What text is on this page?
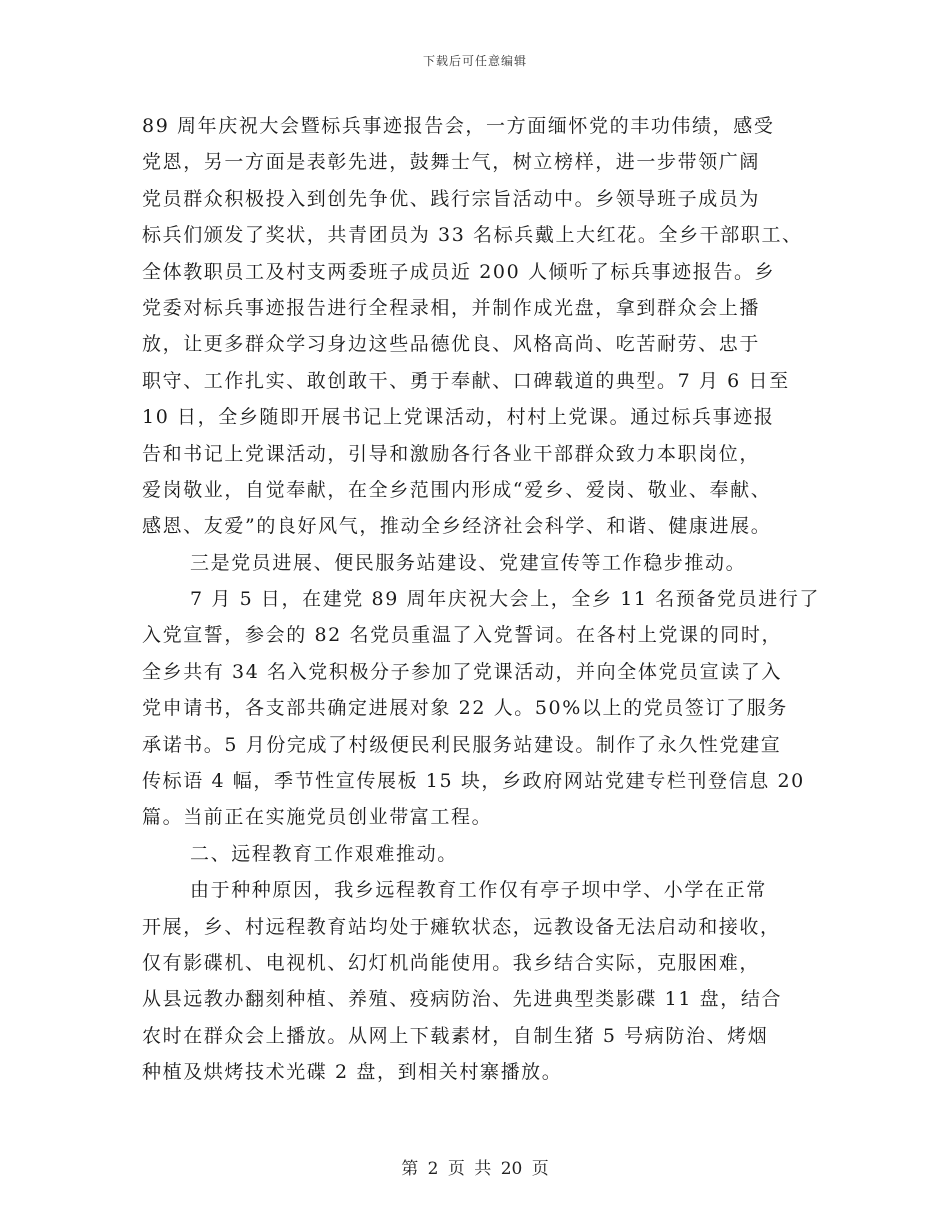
下载后可任意编辑
89 周年庆祝大会暨标兵事迹报告会，一方面缅怀党的丰功伟绩，感受
党恩，另一方面是表彰先进，鼓舞士气，树立榜样，进一步带领广阔
党员群众积极投入到创先争优、践行宗旨活动中。乡领导班子成员为
标兵们颁发了奖状，共青团员为 33 名标兵戴上大红花。全乡干部职工、
全体教职员工及村支两委班子成员近 200 人倾听了标兵事迹报告。乡
党委对标兵事迹报告进行全程录相，并制作成光盘，拿到群众会上播
放，让更多群众学习身边这些品德优良、风格高尚、吃苦耐劳、忠于
职守、工作扎实、敢创敢干、勇于奉献、口碑载道的典型。7 月 6 日至
10 日，全乡随即开展书记上党课活动，村村上党课。通过标兵事迹报
告和书记上党课活动，引导和激励各行各业干部群众致力本职岗位，
爱岗敬业，自觉奉献，在全乡范围内形成“爱乡、爱岗、敬业、奉献、
感恩、友爱”的良好风气，推动全乡经济社会科学、和谐、健康进展。
三是党员进展、便民服务站建设、党建宣传等工作稳步推动。
7 月 5 日，在建党 89 周年庆祝大会上，全乡 11 名预备党员进行了
入党宣誓，参会的 82 名党员重温了入党誓词。在各村上党课的同时，
全乡共有 34 名入党积极分子参加了党课活动，并向全体党员宣读了入
党申请书，各支部共确定进展对象 22 人。50%以上的党员签订了服务
承诺书。5 月份完成了村级便民利民服务站建设。制作了永久性党建宣
传标语 4 幅，季节性宣传展板 15 块，乡政府网站党建专栏刊登信息 20
篇。当前正在实施党员创业带富工程。
二、远程教育工作艰难推动。
由于种种原因，我乡远程教育工作仅有亭子坝中学、小学在正常
开展，乡、村远程教育站均处于瘫软状态，远教设备无法启动和接收，
仅有影碟机、电视机、幻灯机尚能使用。我乡结合实际，克服困难，
从县远教办翻刻种植、养殖、疫病防治、先进典型类影碟 11 盘，结合
农时在群众会上播放。从网上下载素材，自制生猪 5 号病防治、烤烟
种植及烘烤技术光碟 2 盘，到相关村寨播放。
第 2 页 共 20 页
